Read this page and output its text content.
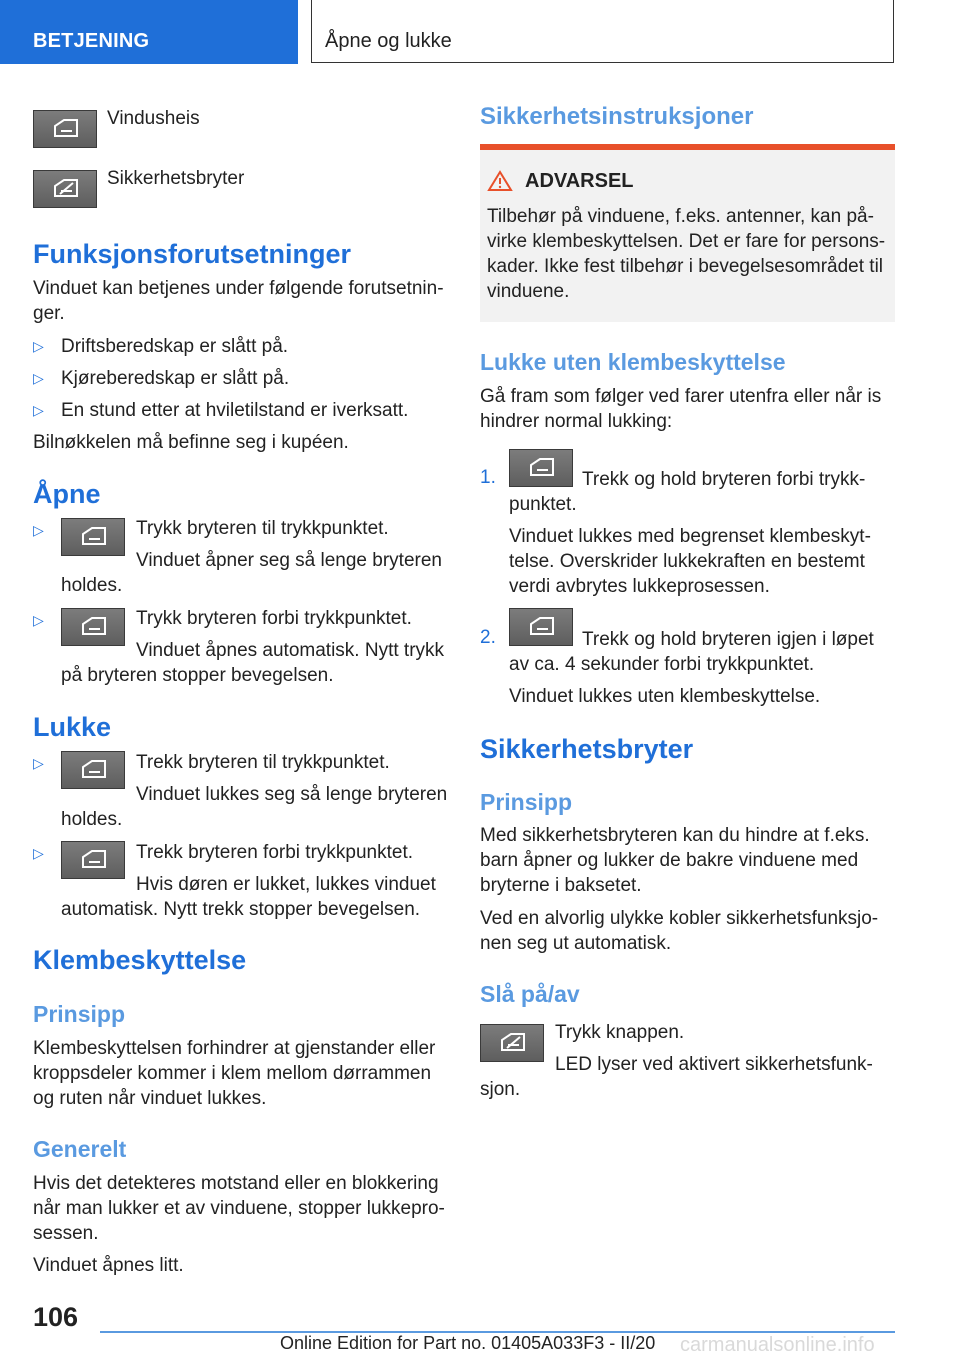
BETJENING	Åpne og lukke

Vindusheis

Sikkerhetsbryter

Funksjonsforutsetninger

Vinduet kan betjenes under følgende forutsetnin-

ger.

▷ Driftsberedskap er slått på.

▷ Kjøreberedskap er slått på.

▷ En stund etter at hviletilstand er iverksatt.

Bilnøkkelen må befinne seg i kupéen.

Åpne
▷	Trykk bryteren til trykkpunktet.

Vinduet åpner seg så lenge bryteren

holdes.

▷	Trykk bryteren forbi trykkpunktet.

Vinduet åpnes automatisk. Nytt trykk

på bryteren stopper bevegelsen.

Lukke
▷	Trekk bryteren til trykkpunktet.

Vinduet lukkes seg så lenge bryteren

holdes.

▷	Trekk bryteren forbi trykkpunktet.

Hvis døren er lukket, lukkes vinduet

automatisk. Nytt trekk stopper bevegelsen.

Klembeskyttelse
Prinsipp

Klembeskyttelsen forhindrer at gjenstander eller

kroppsdeler kommer i klem mellom dørrammen

og ruten når vinduet lukkes.

Generelt

Hvis det detekteres motstand eller en blokkering

når man lukker et av vinduene, stopper lukkepro-

sessen.

Vinduet åpnes litt.

Sikkerhetsinstruksjoner
ADVARSEL

Tilbehør på vinduene, f.eks. antenner, kan på-

virke klembeskyttelsen. Det er fare for persons-

kader. Ikke fest tilbehør i bevegelsesområdet til

vinduene.

Lukke uten klembeskyttelse

Gå fram som følger ved farer utenfra eller når is

hindrer normal lukking:

1.	Trekk og hold bryteren forbi trykk-

punktet.

Vinduet lukkes med begrenset klembeskyt-

telse. Overskrider lukkekraften en bestemt

verdi avbrytes lukkeprosessen.

2.	Trekk og hold bryteren igjen i løpet

av ca. 4 sekunder forbi trykkpunktet.

Vinduet lukkes uten klembeskyttelse.

Sikkerhetsbryter
Prinsipp

Med sikkerhetsbryteren kan du hindre at f.eks.

barn åpner og lukker de bakre vinduene med

bryterne i baksetet.

Ved en alvorlig ulykke kobler sikkerhetsfunksjo-

nen seg ut automatisk.

Slå på/av

Trykk knappen.

LED lyser ved aktivert sikkerhetsfunk-

sjon.

106
Online Edition for Part no. 01405A033F3 - II/20 carmanualsonline.info
